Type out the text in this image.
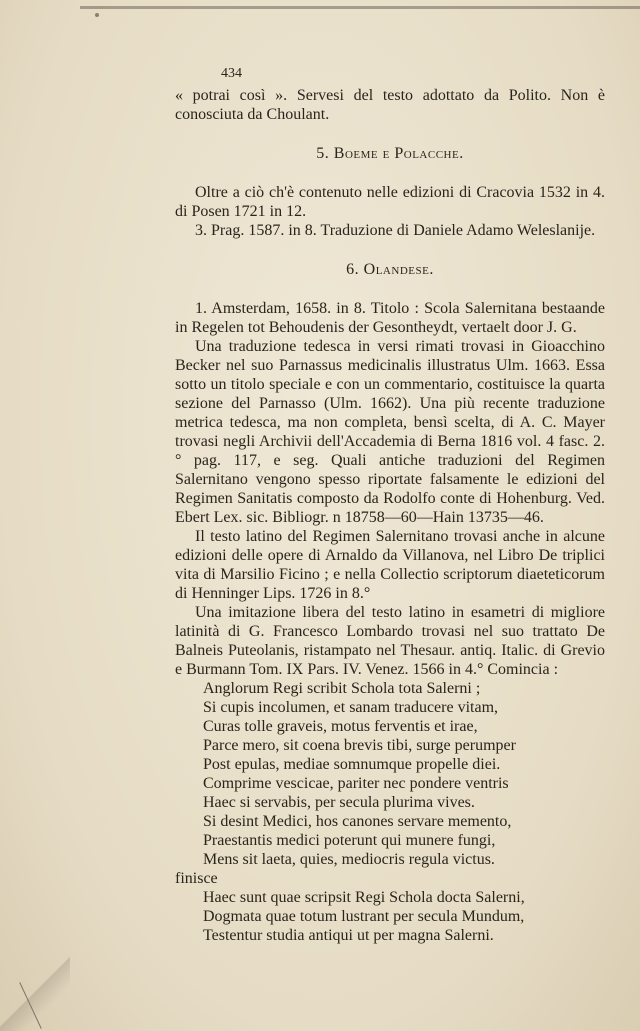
434

« potrai così ». Servesi del testo adottato da Polito. Non è conosciuta da Choulant.

5. Boeme e Polacche.

Oltre a ciò ch'è contenuto nelle edizioni di Cracovia 1532 in 4. di Posen 1721 in 12.

3. Prag. 1587. in 8. Traduzione di Daniele Adamo Weleslanije.

6. Olandese.

1. Amsterdam, 1658. in 8. Titolo : Scola Salernitana bestaande in Regelen tot Behoudenis der Gesontheydt, vertaelt door J. G.

Una traduzione tedesca in versi rimati trovasi in Gioacchino Becker nel suo Parnassus medicinalis illustratus Ulm. 1663. Essa sotto un titolo speciale e con un commentario, costituisce la quarta sezione del Parnasso (Ulm. 1662). Una più recente traduzione metrica tedesca, ma non completa, bensì scelta, di A. C. Mayer trovasi negli Archivii dell'Accademia di Berna 1816 vol. 4 fasc. 2.° pag. 117, e seg. Quali antiche traduzioni del Regimen Salernitano vengono spesso riportate falsamente le edizioni del Regimen Sanitatis composto da Rodolfo conte di Hohenburg. Ved. Ebert Lex. sic. Bibliogr. n 18758—60—Hain 13735—46.

Il testo latino del Regimen Salernitano trovasi anche in alcune edizioni delle opere di Arnaldo da Villanova, nel Libro De triplici vita di Marsilio Ficino ; e nella Collectio scriptorum diaeteticorum di Henninger Lips. 1726 in 8.°

Una imitazione libera del testo latino in esametri di migliore latinità di G. Francesco Lombardo trovasi nel suo trattato De Balneis Puteolanis, ristampato nel Thesaur. antiq. Italic. di Grevio e Burmann Tom. IX Pars. IV. Venez. 1566 in 4.° Comincia :

Anglorum Regi scribit Schola tota Salerni ;

Si cupis incolumen, et sanam traducere vitam,

Curas tolle graveis, motus ferventis et irae,

Parce mero, sit coena brevis tibi, surge perumper

Post epulas, mediae somnumque propelle diei.

Comprime vescicae, pariter nec pondere ventris

Haec si servabis, per secula plurima vives.

Si desint Medici, hos canones servare memento,

Praestantis medici poterunt qui munere fungi,

Mens sit laeta, quies, mediocris regula victus.

finisce

Haec sunt quae scripsit Regi Schola docta Salerni,

Dogmata quae totum lustrant per secula Mundum,

Testentur studia antiqui ut per magna Salerni.
